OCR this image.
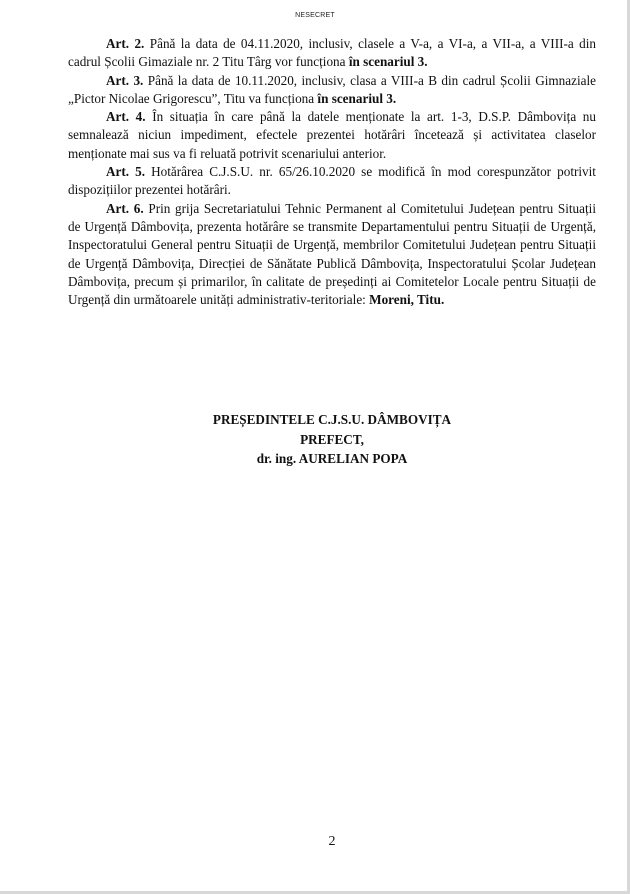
NESECRET

Art. 2. Până la data de 04.11.2020, inclusiv, clasele a V-a, a VI-a, a VII-a, a VIII-a din cadrul Școlii Gimaziale nr. 2 Titu Târg vor funcționa în scenariul 3.

Art. 3. Până la data de 10.11.2020, inclusiv, clasa a VIII-a B din cadrul Școlii Gimnaziale „Pictor Nicolae Grigorescu”, Titu va funcționa în scenariul 3.

Art. 4. În situația în care până la datele menționate la art. 1-3, D.S.P. Dâmbovița nu semnalează niciun impediment, efectele prezentei hotărâri încetează și activitatea claselor menționate mai sus va fi reluată potrivit scenariului anterior.

Art. 5. Hotărârea C.J.S.U. nr. 65/26.10.2020 se modifică în mod corespunzător potrivit dispozițiilor prezentei hotărâri.

Art. 6. Prin grija Secretariatului Tehnic Permanent al Comitetului Județean pentru Situații de Urgență Dâmbovița, prezenta hotărâre se transmite Departamentului pentru Situații de Urgență, Inspectoratului General pentru Situații de Urgență, membrilor Comitetului Județean pentru Situații de Urgență Dâmbovița, Direcției de Sănătate Publică Dâmbovița, Inspectoratului Școlar Județean Dâmbovița, precum și primarilor, în calitate de președinți ai Comitetelor Locale pentru Situații de Urgență din următoarele unități administrativ-teritoriale: Moreni, Titu.

PREȘEDINTELE C.J.S.U. DÂMBOVIȚA
PREFECT,
dr. ing. AURELIAN POPA
2
